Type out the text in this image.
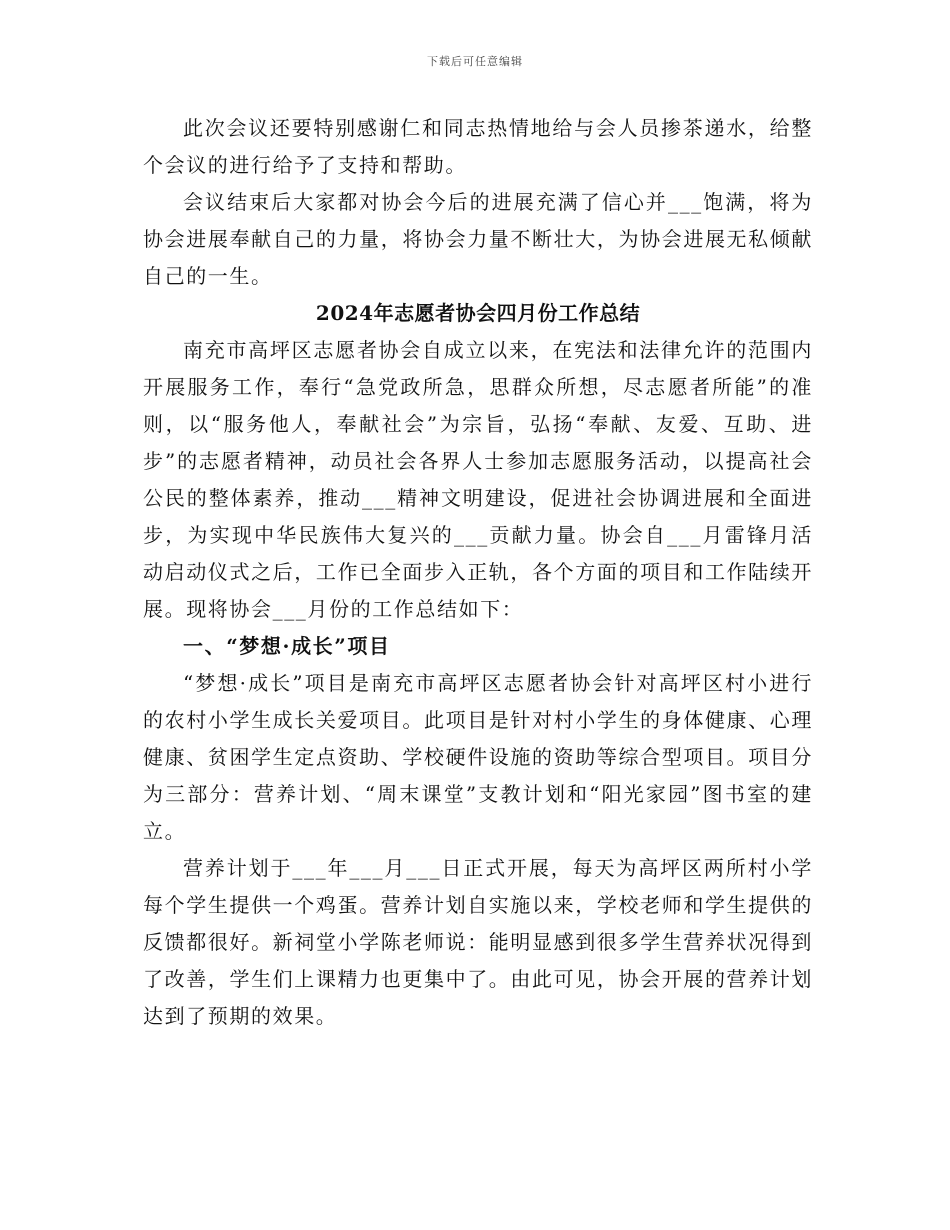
下载后可任意编辑

此次会议还要特别感谢仁和同志热情地给与会人员掺茶递水，给整个会议的进行给予了支持和帮助。

会议结束后大家都对协会今后的进展充满了信心并___饱满，将为协会进展奉献自己的力量，将协会力量不断壮大，为协会进展无私倾献自己的一生。

2024年志愿者协会四月份工作总结

南充市高坪区志愿者协会自成立以来，在宪法和法律允许的范围内开展服务工作，奉行“急党政所急，思群众所想，尽志愿者所能”的准则，以“服务他人，奉献社会”为宗旨，弘扬“奉献、友爱、互助、进步”的志愿者精神，动员社会各界人士参加志愿服务活动，以提高社会公民的整体素养，推动___精神文明建设，促进社会协调进展和全面进步，为实现中华民族伟大复兴的___贡献力量。协会自___月雷锋月活动启动仪式之后，工作已全面步入正轨，各个方面的项目和工作陆续开展。现将协会___月份的工作总结如下：

一、“梦想·成长”项目

“梦想·成长”项目是南充市高坪区志愿者协会针对高坪区村小进行的农村小学生成长关爱项目。此项目是针对村小学生的身体健康、心理健康、贫困学生定点资助、学校硬件设施的资助等综合型项目。项目分为三部分：营养计划、“周末课堂”支教计划和“阳光家园”图书室的建立。

营养计划于___年___月___日正式开展，每天为高坪区两所村小学每个学生提供一个鸡蛋。营养计划自实施以来，学校老师和学生提供的反馈都很好。新祠堂小学陈老师说：能明显感到很多学生营养状况得到了改善，学生们上课精力也更集中了。由此可见，协会开展的营养计划达到了预期的效果。
